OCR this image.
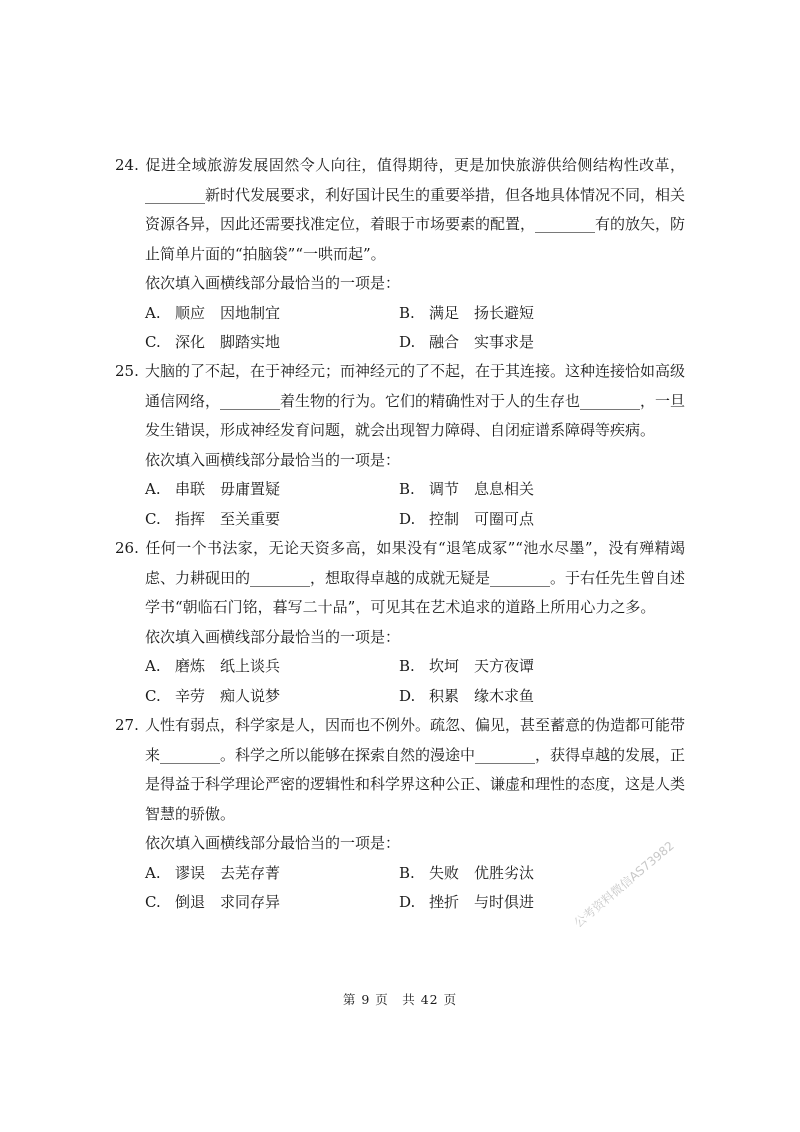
24. 促进全域旅游发展固然令人向往，值得期待，更是加快旅游供给侧结构性改革，________新时代发展要求，利好国计民生的重要举措，但各地具体情况不同，相关资源各异，因此还需要找准定位，着眼于市场要素的配置，________有的放矢，防止简单片面的“拍脑袋”“一哄而起”。

依次填入画横线部分最恰当的一项是：

A. 顺应　因地制宜	B. 满足　扬长避短
C. 深化　脚踏实地	D. 融合　实事求是

25. 大脑的了不起，在于神经元；而神经元的了不起，在于其连接。这种连接恰如高级通信网络，________着生物的行为。它们的精确性对于人的生存也________，一旦发生错误，形成神经发育问题，就会出现智力障碍、自闭症谱系障碍等疾病。

依次填入画横线部分最恰当的一项是：

A. 串联　毋庸置疑	B. 调节　息息相关
C. 指挥　至关重要	D. 控制　可圈可点

26. 任何一个书法家，无论天资多高，如果没有“退笔成冢”“池水尽墨”，没有殚精竭虑、力耕砚田的________，想取得卓越的成就无疑是________。于右任先生曾自述学书“朝临石门铭，暮写二十品”，可见其在艺术追求的道路上所用心力之多。

依次填入画横线部分最恰当的一项是：

A. 磨炼　纸上谈兵	B. 坎坷　天方夜谭
C. 辛劳　痴人说梦	D. 积累　缘木求鱼

27. 人性有弱点，科学家是人，因而也不例外。疏忽、偏见，甚至蓄意的伪造都可能带来________。科学之所以能够在探索自然的漫途中________，获得卓越的发展，正是得益于科学理论严密的逻辑性和科学界这种公正、谦虚和理性的态度，这是人类智慧的骄傲。

依次填入画横线部分最恰当的一项是：

A. 谬误　去芜存菁	B. 失败　优胜劣汰
C. 倒退　求同存异	D. 挫折　与时俱进	公考资料微信AS73982
第 9 页　共 42 页
